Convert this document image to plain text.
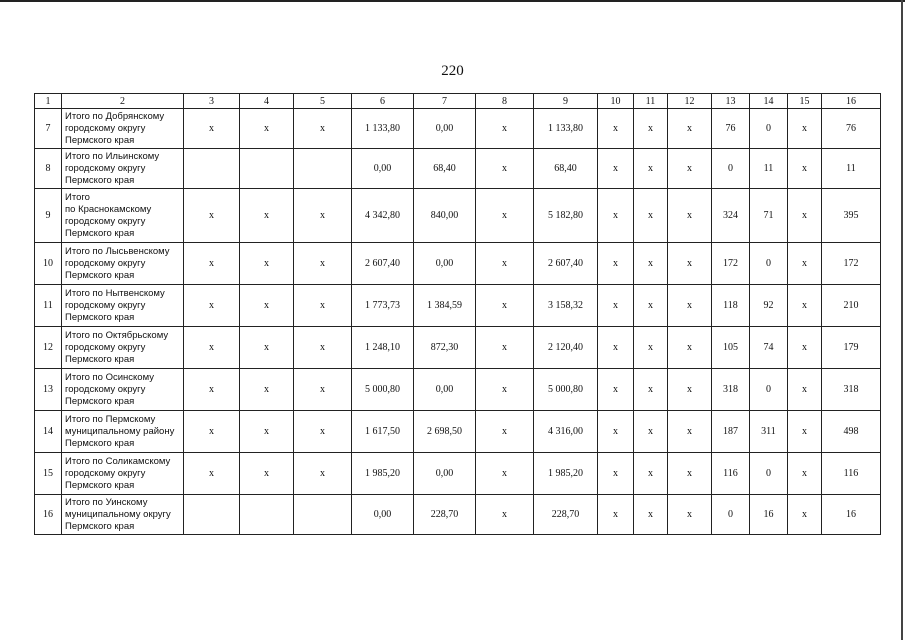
220
1	2	3	4	5	6	7	8	9	10	11	12	13	14	15	16
7	Итого по Добрянскому
городскому округу
Пермского края	x	x	x	1 133,80	0,00	x	1 133,80	x	x	x	76	0	x	76
8	Итого по Ильинскому
городскому округу
Пермского края				0,00	68,40	x	68,40	x	x	x	0	11	x	11
9	Итого
по Краснокамскому
городскому округу
Пермского края	x	x	x	4 342,80	840,00	x	5 182,80	x	x	x	324	71	x	395
10	Итого по Лысьвенскому
городскому округу
Пермского края	x	x	x	2 607,40	0,00	x	2 607,40	x	x	x	172	0	x	172
11	Итого по Нытвенскому
городскому округу
Пермского края	x	x	x	1 773,73	1 384,59	x	3 158,32	x	x	x	118	92	x	210
12	Итого по Октябрьскому
городскому округу
Пермского края	x	x	x	1 248,10	872,30	x	2 120,40	x	x	x	105	74	x	179
13	Итого по Осинскому
городскому округу
Пермского края	x	x	x	5 000,80	0,00	x	5 000,80	x	x	x	318	0	x	318
14	Итого по Пермскому
муниципальному району
Пермского края	x	x	x	1 617,50	2 698,50	x	4 316,00	x	x	x	187	311	x	498
15	Итого по Соликамскому
городскому округу
Пермского края	x	x	x	1 985,20	0,00	x	1 985,20	x	x	x	116	0	x	116
16	Итого по Уинскому
муниципальному округу
Пермского края				0,00	228,70	x	228,70	x	x	x	0	16	x	16
